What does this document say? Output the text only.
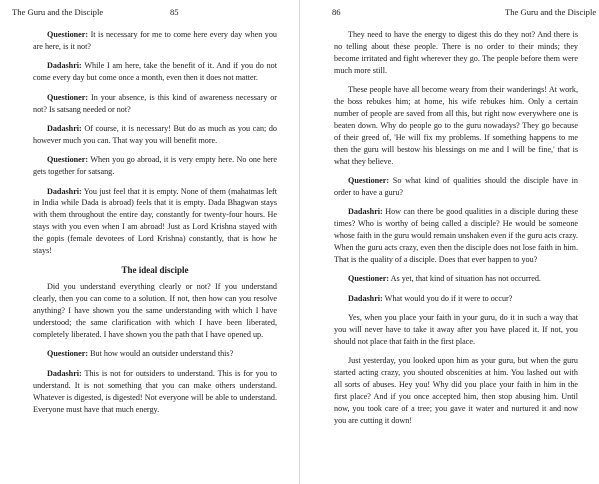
The Guru and the Disciple	85

Questioner: It is necessary for me to come here every day when you are here, is it not?

Dadashri: While I am here, take the benefit of it. And if you do not come every day but come once a month, even then it does not matter.

Questioner: In your absence, is this kind of awareness necessary or not? Is satsang needed or not?

Dadashri: Of course, it is necessary! But do as much as you can; do however much you can. That way you will benefit more.

Questioner: When you go abroad, it is very empty here. No one here gets together for satsang.

Dadashri: You just feel that it is empty. None of them (mahatmas left in India while Dada is abroad) feels that it is empty. Dada Bhagwan stays with them throughout the entire day, constantly for twenty-four hours. He stays with you even when I am abroad! Just as Lord Krishna stayed with the gopis (female devotees of Lord Krishna) constantly, that is how he stays!

The ideal disciple

Did you understand everything clearly or not? If you understand clearly, then you can come to a solution. If not, then how can you resolve anything? I have shown you the same understanding with which I have understood; the same clarification with which I have been liberated, completely liberated. I have shown you the path that I have opened up.

Questioner: But how would an outsider understand this?

Dadashri: This is not for outsiders to understand. This is for you to understand. It is not something that you can make others understand. Whatever is digested, is digested! Not everyone will be able to understand. Everyone must have that much energy.

86	The Guru and the Disciple

They need to have the energy to digest this do they not? And there is no telling about these people. There is no order to their minds; they become irritated and fight wherever they go. The people before them were much more still.

These people have all become weary from their wanderings! At work, the boss rebukes him; at home, his wife rebukes him. Only a certain number of people are saved from all this, but right now everywhere one is beaten down. Why do people go to the guru nowadays? They go because of their greed of, 'He will fix my problems. If something happens to me then the guru will bestow his blessings on me and I will be fine,' that is what they believe.

Questioner: So what kind of qualities should the disciple have in order to have a guru?

Dadashri: How can there be good qualities in a disciple during these times? Who is worthy of being called a disciple? He would be someone whose faith in the guru would remain unshaken even if the guru acts crazy. When the guru acts crazy, even then the disciple does not lose faith in him. That is the quality of a disciple. Does that ever happen to you?

Questioner: As yet, that kind of situation has not occurred.

Dadashri: What would you do if it were to occur?

Yes, when you place your faith in your guru, do it in such a way that you will never have to take it away after you have placed it. If not, you should not place that faith in the first place.

Just yesterday, you looked upon him as your guru, but when the guru started acting crazy, you shouted obscenities at him. You lashed out with all sorts of abuses. Hey you! Why did you place your faith in him in the first place? And if you once accepted him, then stop abusing him. Until now, you took care of a tree; you gave it water and nurtured it and now you are cutting it down!
